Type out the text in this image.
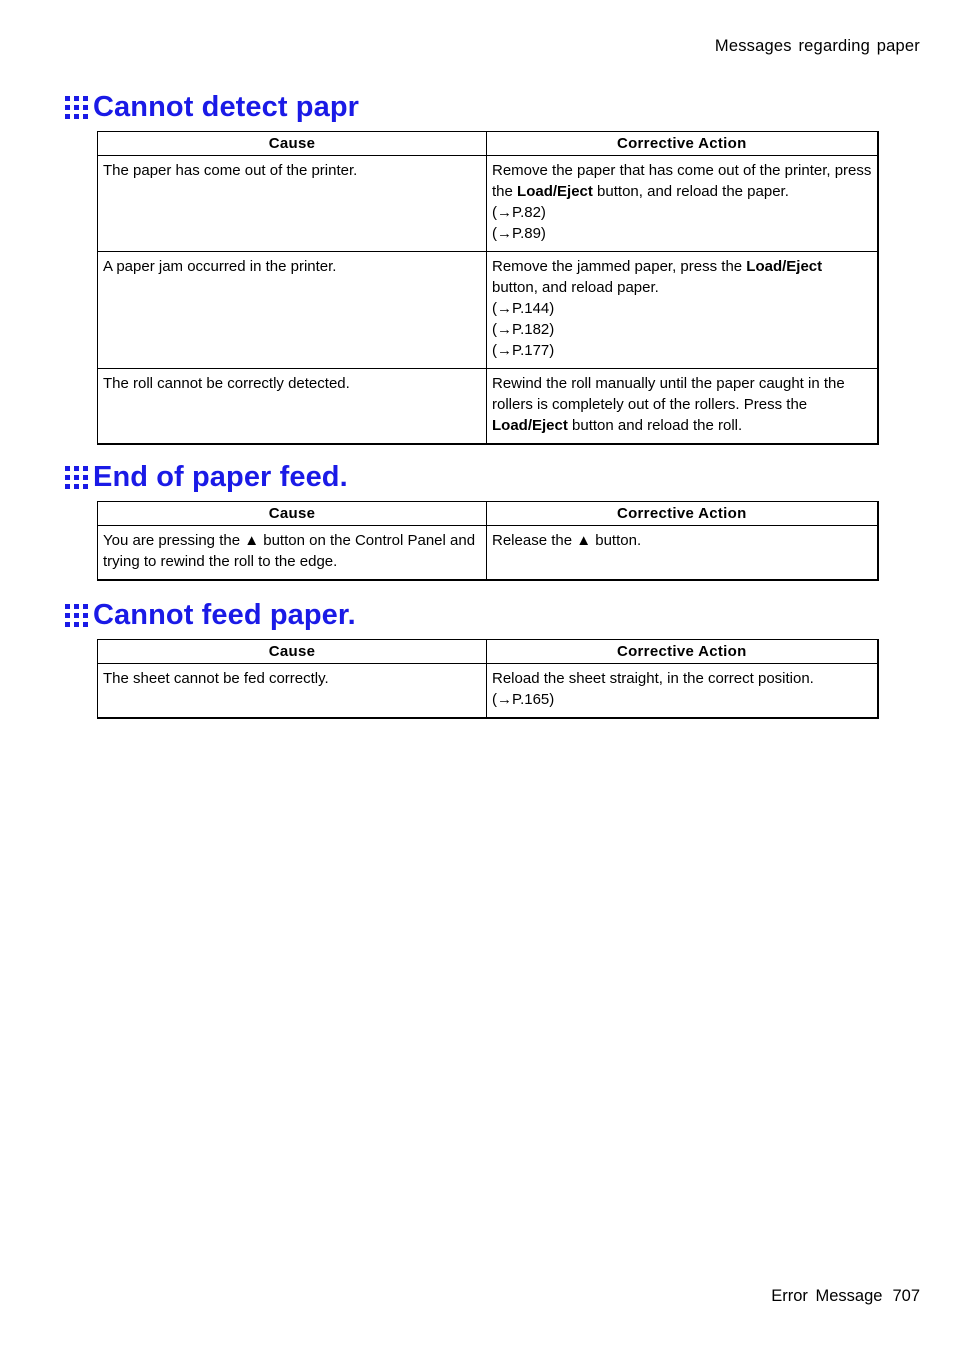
Messages regarding paper
Cannot detect papr
Cause	Corrective Action
The paper has come out of the printer.	Remove the paper that has come out of the printer, press the Load/Eject button, and reload the paper.
(→P.82)
(→P.89)

A paper jam occurred in the printer.	Remove the jammed paper, press the Load/Eject button, and reload paper.
(→P.144)
(→P.182)
(→P.177)

The roll cannot be correctly detected.	Rewind the roll manually until the paper caught in the rollers is completely out of the rollers. Press the Load/Eject button and reload the roll.
End of paper feed.
Cause	Corrective Action
You are pressing the ▲ button on the Control Panel and trying to rewind the roll to the edge.	Release the ▲ button.
Cannot feed paper.
Cause	Corrective Action
The sheet cannot be fed correctly.	Reload the sheet straight, in the correct position.
(→P.165)
Error Message 707
